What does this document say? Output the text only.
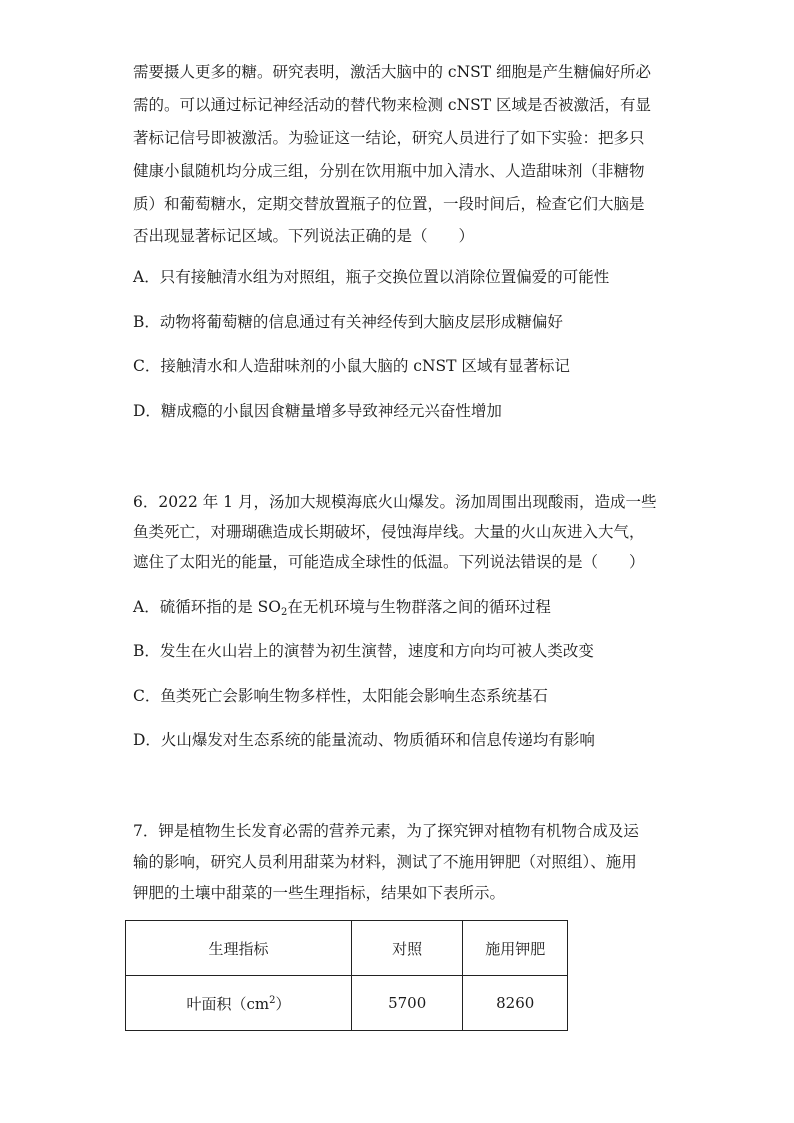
需要摄人更多的糖。研究表明，激活大脑中的 cNST 细胞是产生糖偏好所必
需的。可以通过标记神经活动的替代物来检测 cNST 区域是否被激活，有显
著标记信号即被激活。为验证这一结论，研究人员进行了如下实验：把多只
健康小鼠随机均分成三组，分别在饮用瓶中加入清水、人造甜味剂（非糖物
质）和葡萄糖水，定期交替放置瓶子的位置，一段时间后，检查它们大脑是
否出现显著标记区域。下列说法正确的是（　　）
A．只有接触清水组为对照组，瓶子交换位置以消除位置偏爱的可能性
B．动物将葡萄糖的信息通过有关神经传到大脑皮层形成糖偏好
C．接触清水和人造甜味剂的小鼠大脑的 cNST 区域有显著标记
D．糖成瘾的小鼠因食糖量增多导致神经元兴奋性增加
6．2022 年 1 月，汤加大规模海底火山爆发。汤加周围出现酸雨，造成一些
鱼类死亡，对珊瑚礁造成长期破坏，侵蚀海岸线。大量的火山灰进入大气，
遮住了太阳光的能量，可能造成全球性的低温。下列说法错误的是（　　）
A．硫循环指的是 $SO_2$在无机环境与生物群落之间的循环过程
B．发生在火山岩上的演替为初生演替，速度和方向均可被人类改变
C．鱼类死亡会影响生物多样性，太阳能会影响生态系统基石
D．火山爆发对生态系统的能量流动、物质循环和信息传递均有影响
7．钾是植物生长发育必需的营养元素，为了探究钾对植物有机物合成及运
输的影响，研究人员利用甜菜为材料，测试了不施用钾肥（对照组）、施用
钾肥的土壤中甜菜的一些生理指标，结果如下表所示。
生理指标	对照	施用钾肥
叶面积$(cm^2)$	5700	8260
